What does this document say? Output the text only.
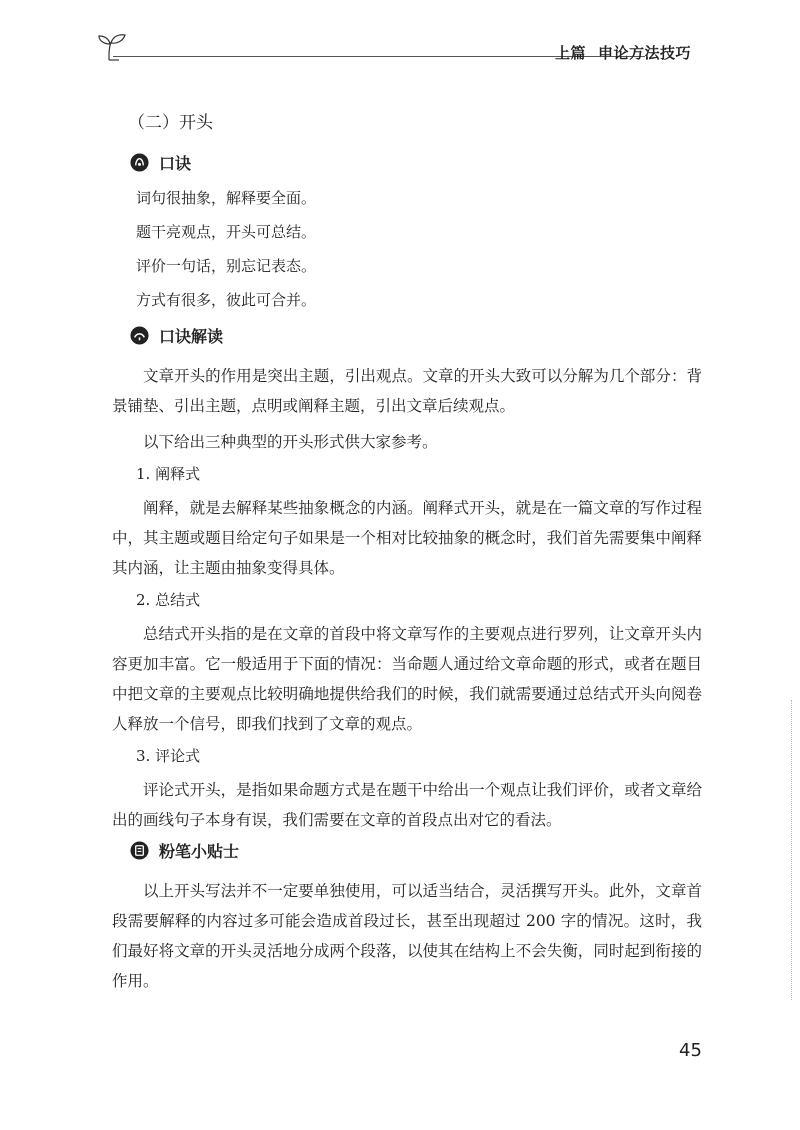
上篇 申论方法技巧
（二）开头
口诀
词句很抽象，解释要全面。
题干亮观点，开头可总结。
评价一句话，别忘记表态。
方式有很多，彼此可合并。
口诀解读
文章开头的作用是突出主题，引出观点。文章的开头大致可以分解为几个部分：背景铺垫、引出主题，点明或阐释主题，引出文章后续观点。
以下给出三种典型的开头形式供大家参考。
1. 阐释式
阐释，就是去解释某些抽象概念的内涵。阐释式开头，就是在一篇文章的写作过程中，其主题或题目给定句子如果是一个相对比较抽象的概念时，我们首先需要集中阐释其内涵，让主题由抽象变得具体。
2. 总结式
总结式开头指的是在文章的首段中将文章写作的主要观点进行罗列，让文章开头内容更加丰富。它一般适用于下面的情况：当命题人通过给文章命题的形式，或者在题目中把文章的主要观点比较明确地提供给我们的时候，我们就需要通过总结式开头向阅卷人释放一个信号，即我们找到了文章的观点。
3. 评论式
评论式开头，是指如果命题方式是在题干中给出一个观点让我们评价，或者文章给出的画线句子本身有误，我们需要在文章的首段点出对它的看法。
粉笔小贴士
以上开头写法并不一定要单独使用，可以适当结合，灵活撰写开头。此外，文章首段需要解释的内容过多可能会造成首段过长，甚至出现超过 200 字的情况。这时，我们最好将文章的开头灵活地分成两个段落，以使其在结构上不会失衡，同时起到衔接的作用。
45
